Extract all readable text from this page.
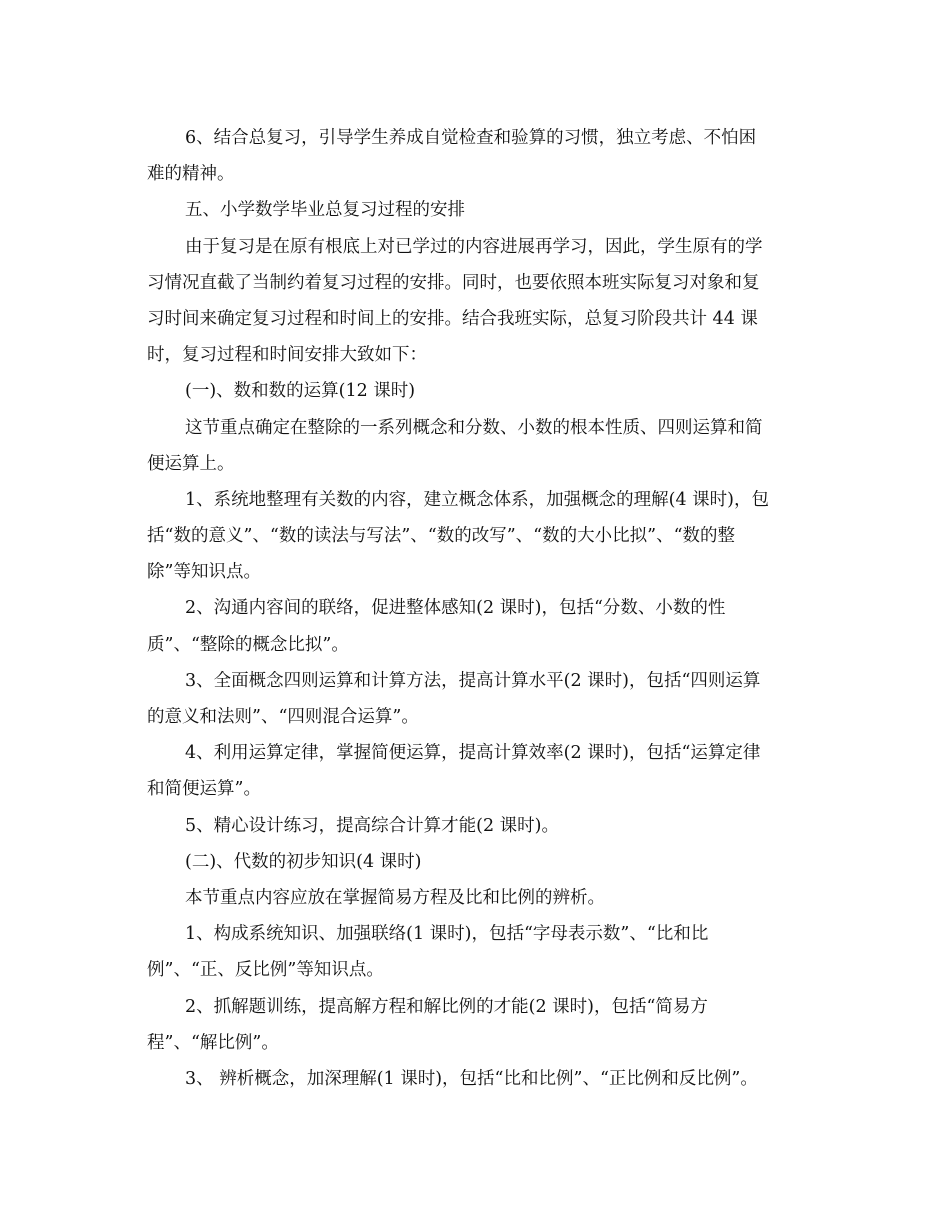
6、结合总复习，引导学生养成自觉检查和验算的习惯，独立考虑、不怕困
难的精神。
五、小学数学毕业总复习过程的安排
由于复习是在原有根底上对已学过的内容进展再学习，因此，学生原有的学
习情况直截了当制约着复习过程的安排。同时，也要依照本班实际复习对象和复
习时间来确定复习过程和时间上的安排。结合我班实际，总复习阶段共计 44 课
时，复习过程和时间安排大致如下：
(一)、数和数的运算(12 课时)
这节重点确定在整除的一系列概念和分数、小数的根本性质、四则运算和简
便运算上。
1、系统地整理有关数的内容，建立概念体系，加强概念的理解(4 课时)，包
括“数的意义”、“数的读法与写法”、“数的改写”、“数的大小比拟”、“数的整
除”等知识点。
2、沟通内容间的联络，促进整体感知(2 课时)，包括“分数、小数的性
质”、“整除的概念比拟”。
3、全面概念四则运算和计算方法，提高计算水平(2 课时)，包括“四则运算
的意义和法则”、“四则混合运算”。
4、利用运算定律，掌握简便运算，提高计算效率(2 课时)，包括“运算定律
和简便运算”。
5、精心设计练习，提高综合计算才能(2 课时)。
(二)、代数的初步知识(4 课时)
本节重点内容应放在掌握简易方程及比和比例的辨析。
1、构成系统知识、加强联络(1 课时)，包括“字母表示数”、“比和比
例”、“正、反比例”等知识点。
2、抓解题训练，提高解方程和解比例的才能(2 课时)，包括“简易方
程”、“解比例”。
3、 辨析概念，加深理解(1 课时)，包括“比和比例”、“正比例和反比例”。
